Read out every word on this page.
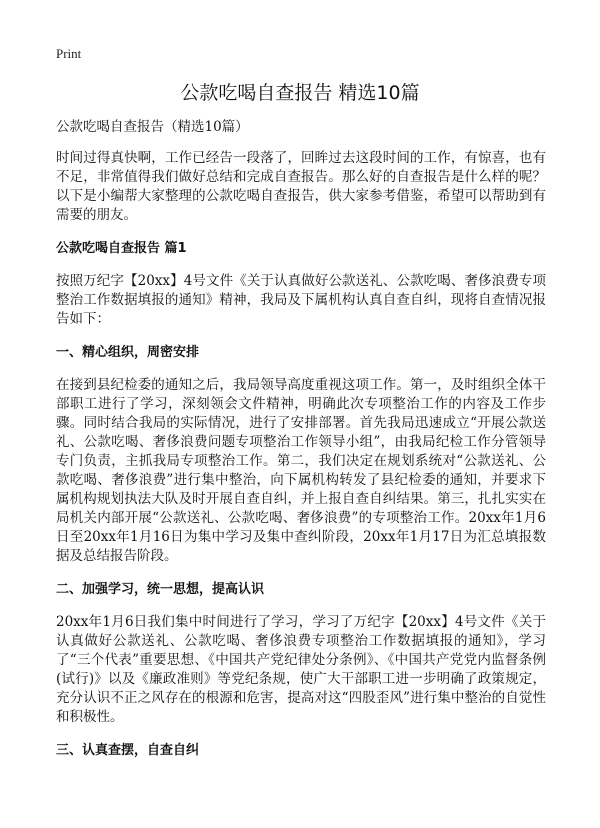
Print
公款吃喝自查报告 精选10篇

公款吃喝自查报告（精选10篇）

时间过得真快啊，工作已经告一段落了，回眸过去这段时间的工作，有惊喜，也有不足，非常值得我们做好总结和完成自查报告。那么好的自查报告是什么样的呢？以下是小编帮大家整理的公款吃喝自查报告，供大家参考借鉴，希望可以帮助到有需要的朋友。

公款吃喝自查报告 篇1

按照万纪字【20xx】4号文件《关于认真做好公款送礼、公款吃喝、奢侈浪费专项整治工作数据填报的通知》精神，我局及下属机构认真自查自纠，现将自查情况报告如下：

一、精心组织，周密安排

在接到县纪检委的通知之后，我局领导高度重视这项工作。第一，及时组织全体干部职工进行了学习，深刻领会文件精神，明确此次专项整治工作的内容及工作步骤。同时结合我局的实际情况，进行了安排部署。首先我局迅速成立“开展公款送礼、公款吃喝、奢侈浪费问题专项整治工作领导小组”，由我局纪检工作分管领导专门负责，主抓我局专项整治工作。第二，我们决定在规划系统对“公款送礼、公款吃喝、奢侈浪费”进行集中整治，向下属机构转发了县纪检委的通知，并要求下属机构规划执法大队及时开展自查自纠，并上报自查自纠结果。第三，扎扎实实在局机关内部开展“公款送礼、公款吃喝、奢侈浪费”的专项整治工作。20xx年1月6日至20xx年1月16日为集中学习及集中查纠阶段，20xx年1月17日为汇总填报数据及总结报告阶段。

二、加强学习，统一思想，提高认识

20xx年1月6日我们集中时间进行了学习，学习了万纪字【20xx】4号文件《关于认真做好公款送礼、公款吃喝、奢侈浪费专项整治工作数据填报的通知》，学习了“三个代表”重要思想、《中国共产党纪律处分条例》、《中国共产党党内监督条例(试行)》以及《廉政准则》等党纪条规，使广大干部职工进一步明确了政策规定，充分认识不正之风存在的根源和危害，提高对这“四股歪风”进行集中整治的自觉性和积极性。

三、认真查摆，自查自纠
